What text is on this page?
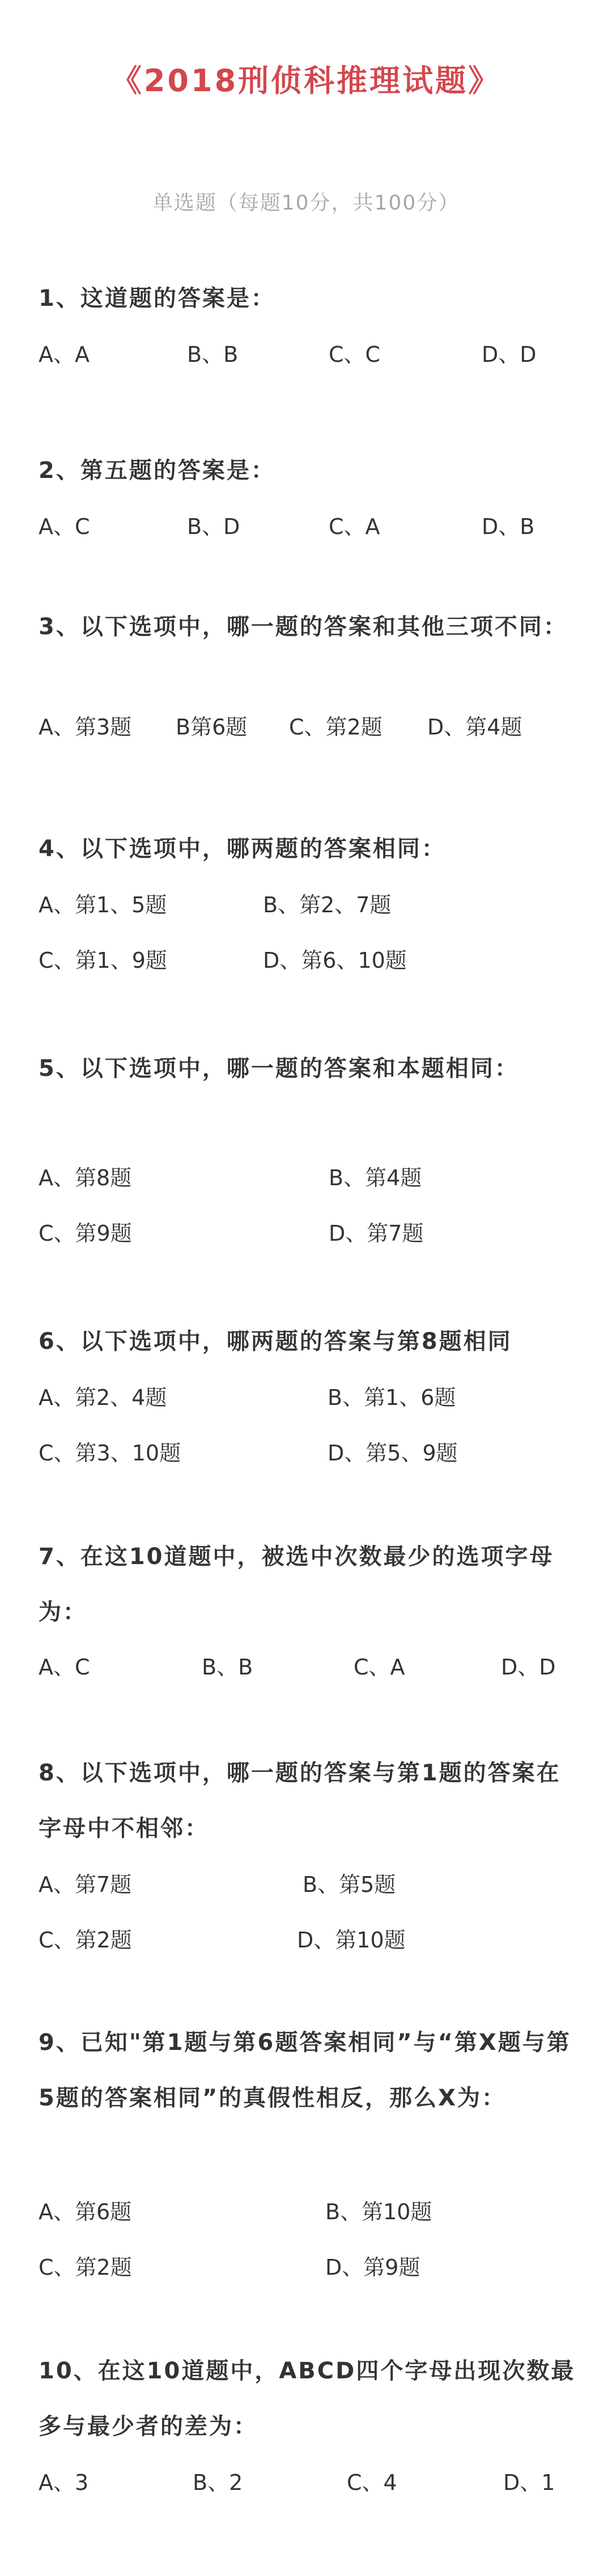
《2018刑侦科推理试题》
单选题（每题10分，共100分）
1、这道题的答案是：
A、A	B、B	C、C	D、D
2、第五题的答案是：
A、C	B、D	C、A	D、B
3、以下选项中，哪一题的答案和其他三项不同：
A、第3题 B第6题 C、第2题 D、第4题
4、以下选项中，哪两题的答案相同：
A、第1、5题	B、第2、7题
C、第1、9题	D、第6、10题
5、以下选项中，哪一题的答案和本题相同：
A、第8题	B、第4题
C、第9题	D、第7题
6、以下选项中，哪两题的答案与第8题相同
A、第2、4题	B、第1、6题
C、第3、10题	D、第5、9题
7、在这10道题中，被选中次数最少的选项字母为：
A、C	B、B	C、A	D、D
8、以下选项中，哪一题的答案与第1题的答案在字母中不相邻：
A、第7题	B、第5题
C、第2题	D、第10题
9、已知"第1题与第6题答案相同”与“第X题与第5题的答案相同”的真假性相反，那么X为：
A、第6题	B、第10题
C、第2题	D、第9题
10、在这10道题中，ABCD四个字母出现次数最多与最少者的差为：
A、3	B、2	C、4	D、1
